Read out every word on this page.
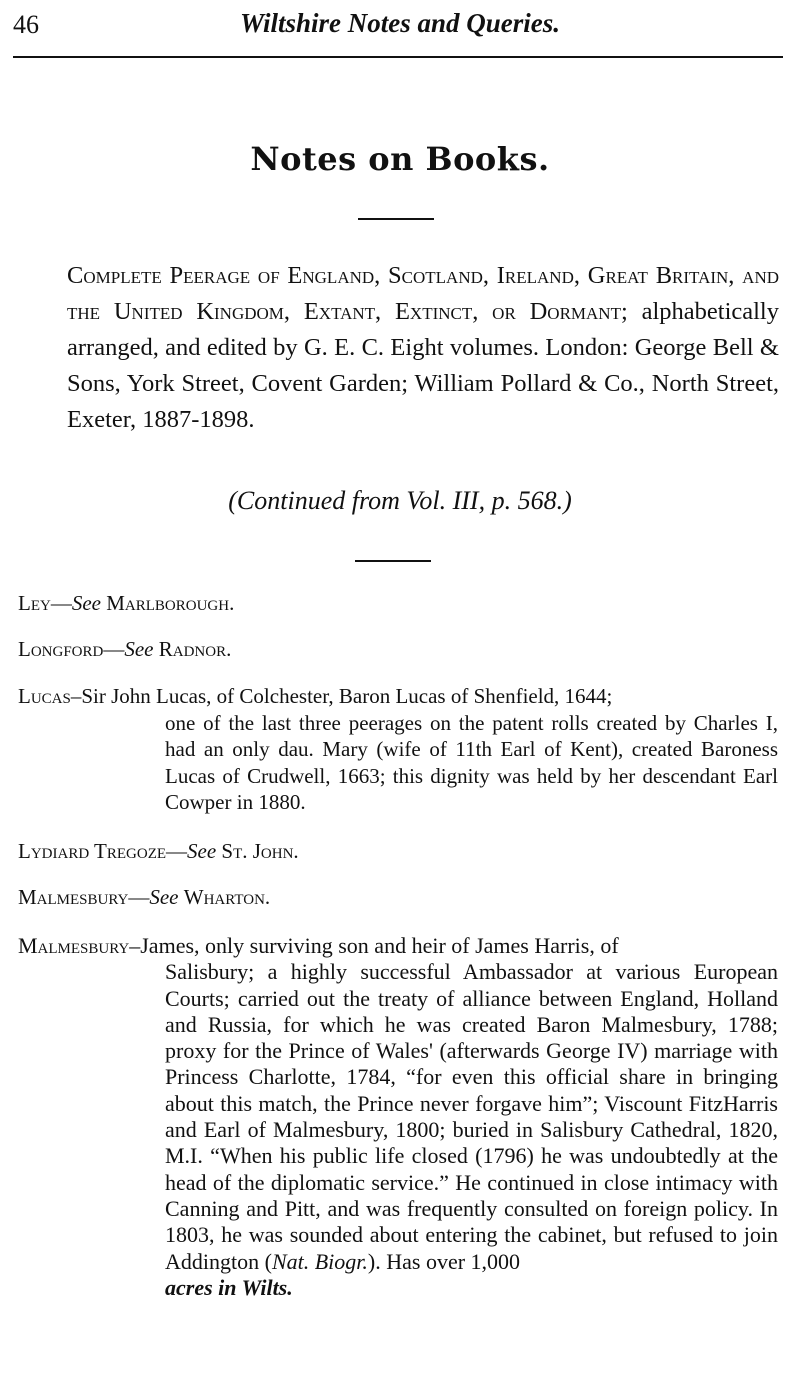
46	Wiltshire Notes and Queries.
Notes on Books.
Complete Peerage of England, Scotland, Ireland, Great Britain, and the United Kingdom, Extant, Extinct, or Dormant; alphabetically arranged, and edited by G. E. C. Eight volumes. London: George Bell & Sons, York Street, Covent Garden; William Pollard & Co., North Street, Exeter, 1887-1898.
(Continued from Vol. III, p. 568.)
Ley—See Marlborough.
Longford—See Radnor.
Lucas–Sir John Lucas, of Colchester, Baron Lucas of Shenfield, 1644;
one of the last three peerages on the patent rolls created by Charles I, had an only dau. Mary (wife of 11th Earl of Kent), created Baroness Lucas of Crudwell, 1663; this dignity was held by her descendant Earl Cowper in 1880.
Lydiard Tregoze—See St. John.
Malmesbury—See Wharton.
Malmesbury–James, only surviving son and heir of James Harris, of
Salisbury; a highly successful Ambassador at various European Courts; carried out the treaty of alliance between England, Holland and Russia, for which he was created Baron Malmesbury, 1788; proxy for the Prince of Wales' (afterwards George IV) marriage with Princess Charlotte, 1784, “for even this official share in bringing about this match, the Prince never forgave him”; Viscount FitzHarris and Earl of Malmesbury, 1800; buried in Salisbury Cathedral, 1820, M.I. “When his public life closed (1796) he was undoubtedly at the head of the diplomatic service.” He continued in close intimacy with Canning and Pitt, and was frequently consulted on foreign policy. In 1803, he was sounded about entering the cabinet, but refused to join Addington (Nat. Biogr.). Has over 1,000
acres in Wilts.
